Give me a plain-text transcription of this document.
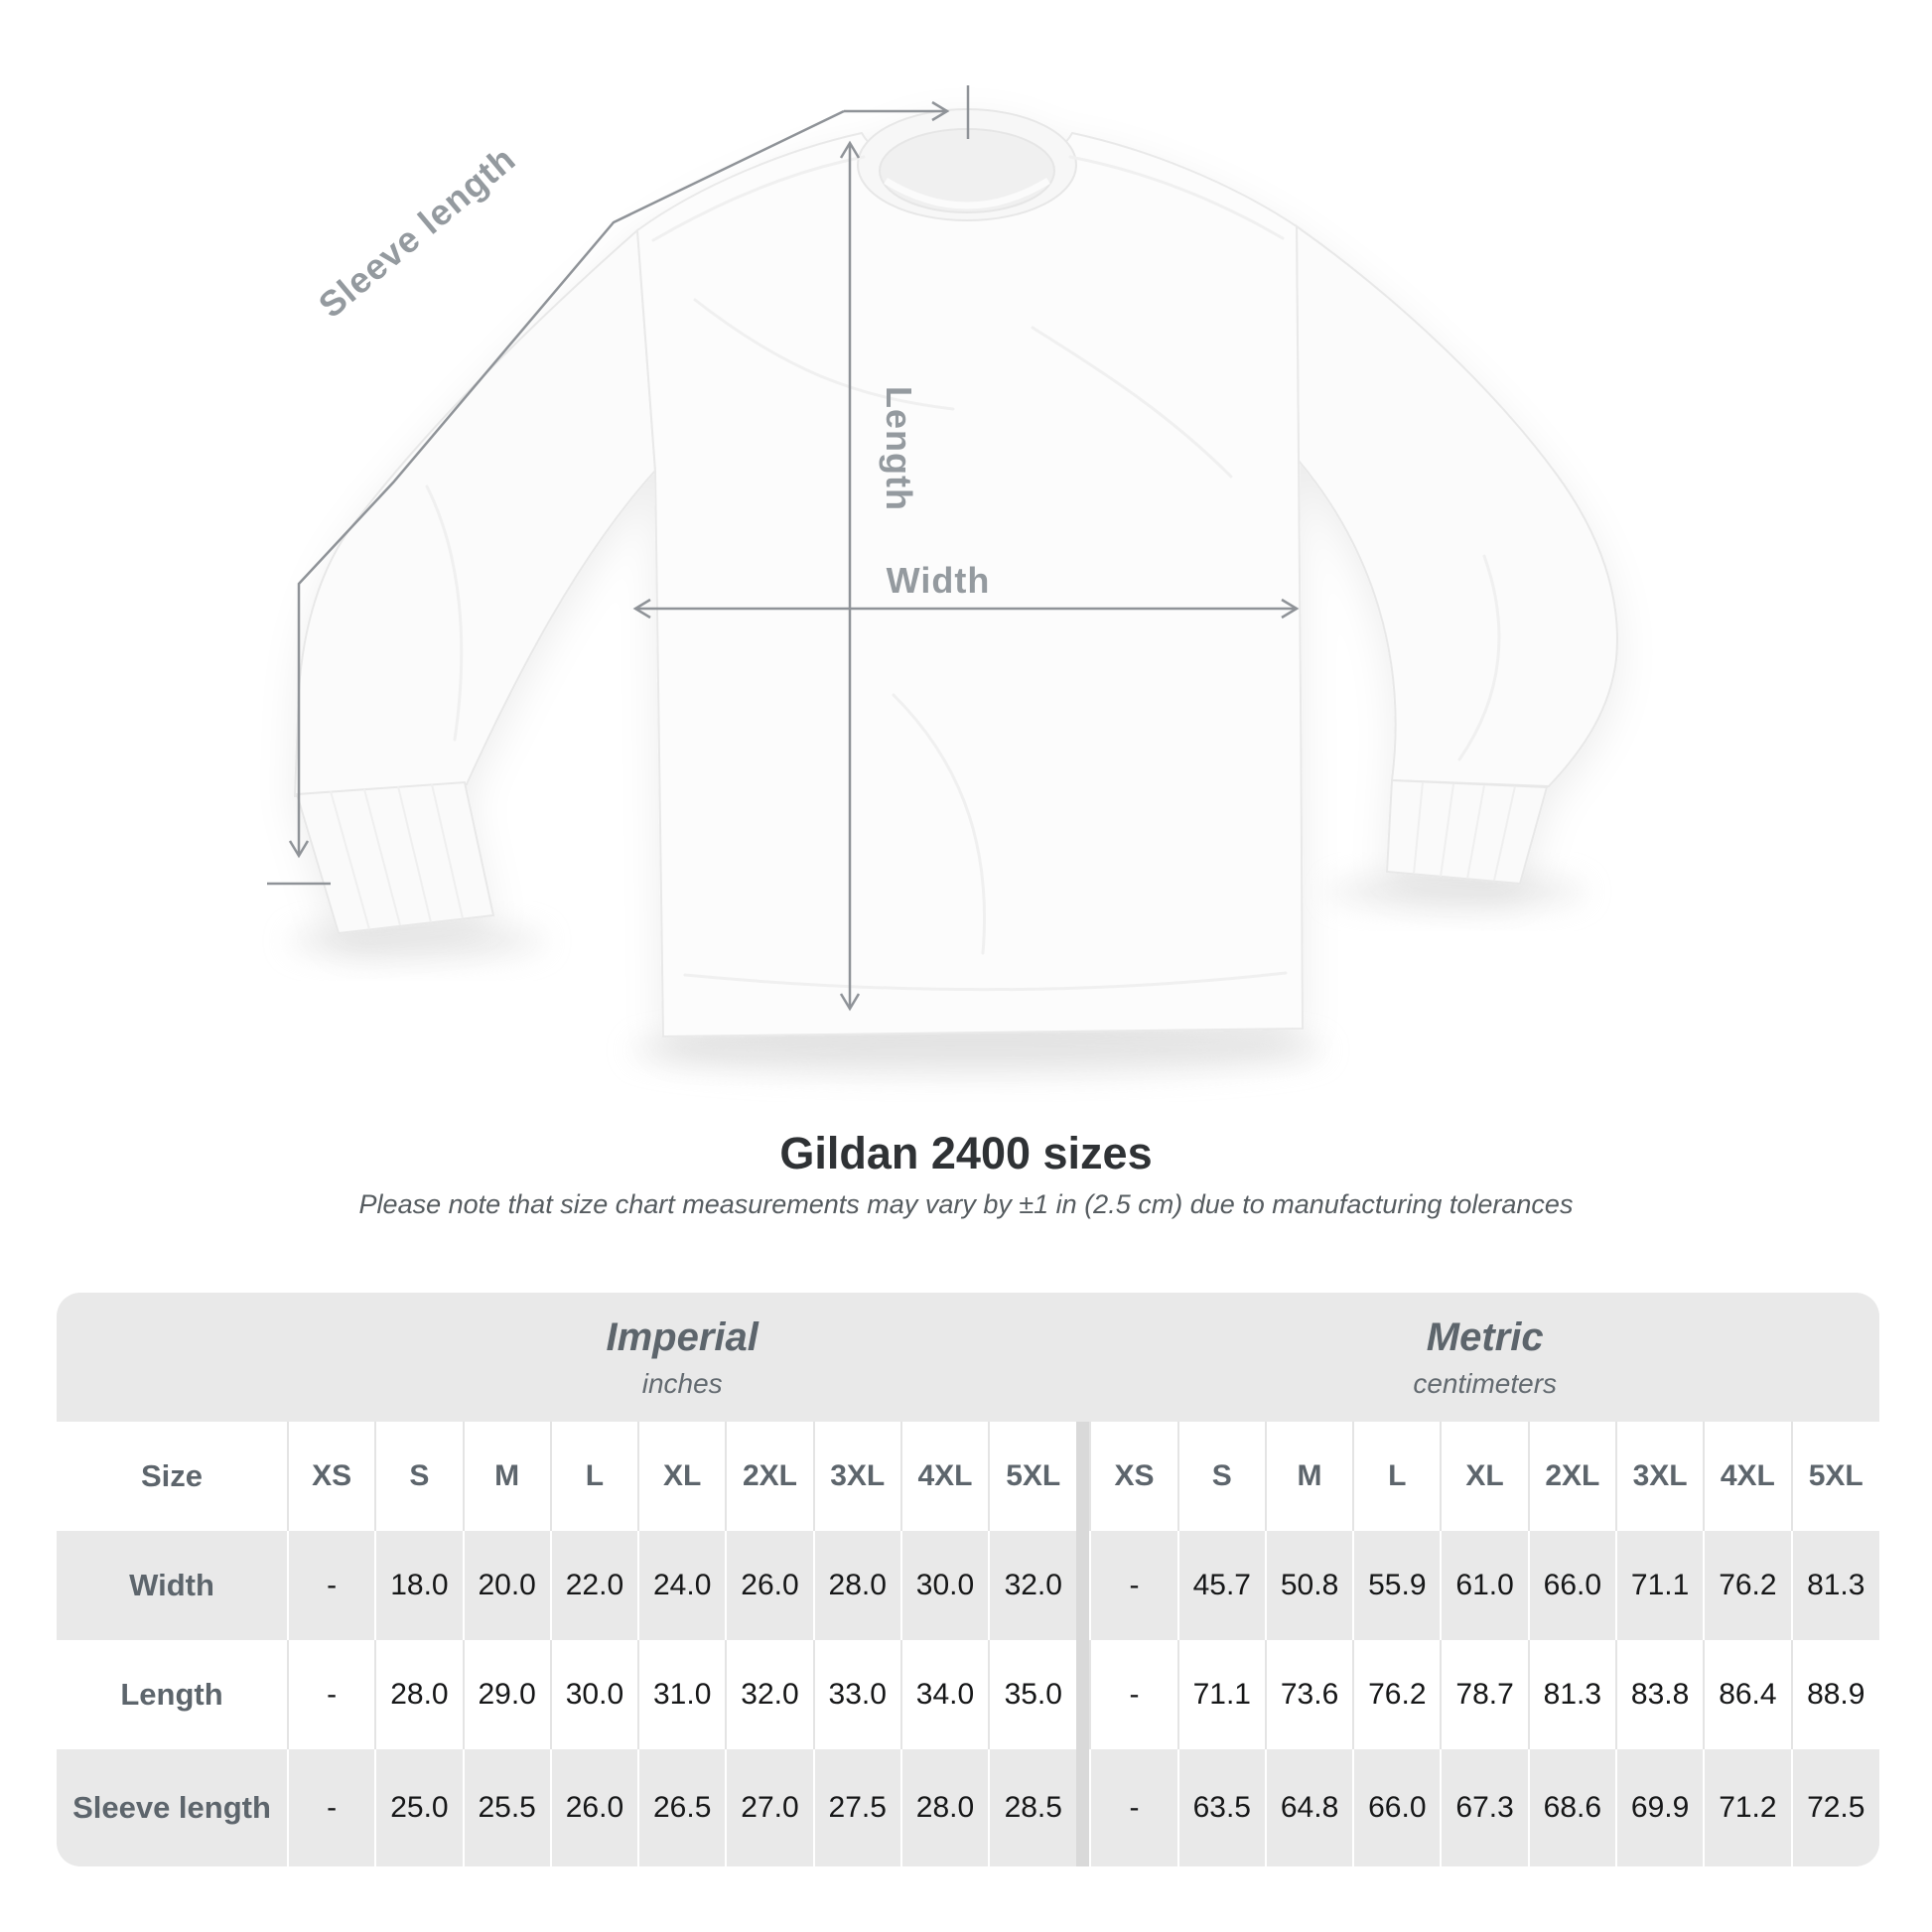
Sleeve length
Length
Width
Gildan 2400 sizes

Please note that size chart measurements may vary by ±1 in (2.5 cm) due to manufacturing tolerances

Imperial
inches

Metric
centimeters

Size	XS	S	M	L	XL	2XL	3XL	4XL	5XL		XS	S	M	L	XL	2XL	3XL	4XL	5XL
Width	-	18.0	20.0	22.0	24.0	26.0	28.0	30.0	32.0		-	45.7	50.8	55.9	61.0	66.0	71.1	76.2	81.3
Length	-	28.0	29.0	30.0	31.0	32.0	33.0	34.0	35.0		-	71.1	73.6	76.2	78.7	81.3	83.8	86.4	88.9
Sleeve length	-	25.0	25.5	26.0	26.5	27.0	27.5	28.0	28.5		-	63.5	64.8	66.0	67.3	68.6	69.9	71.2	72.5
